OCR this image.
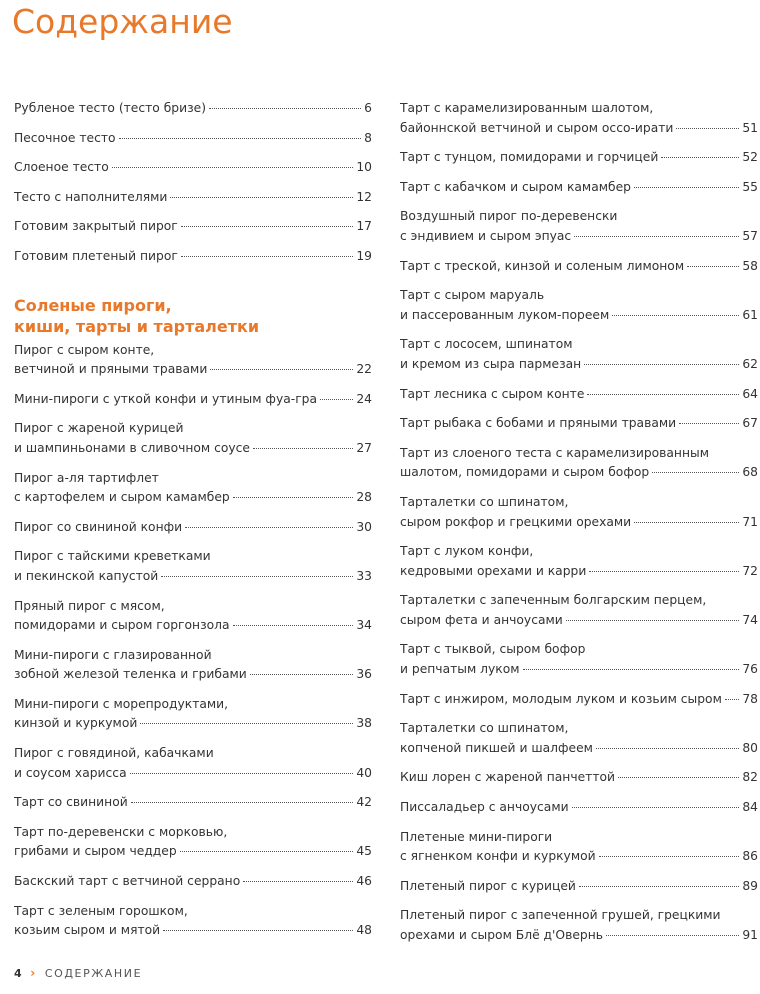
Содержание
Рубленое тесто (тесто бризе)	6
Песочное тесто	8
Слоеное тесто	10
Тесто с наполнителями	12
Готовим закрытый пирог	17
Готовим плетеный пирог	19
Соленые пироги,
киши, тарты и тарталетки
Пирог с сыром конте,
ветчиной и пряными травами	22
Мини-пироги с уткой конфи и утиным фуа-гра	24
Пирог с жареной курицей
и шампиньонами в сливочном соусе	27
Пирог а-ля тартифлет
с картофелем и сыром камамбер	28
Пирог со свининой конфи	30
Пирог с тайскими креветками
и пекинской капустой	33
Пряный пирог с мясом,
помидорами и сыром горгонзола	34
Мини-пироги с глазированной
зобной железой теленка и грибами	36
Мини-пироги с морепродуктами,
кинзой и куркумой	38
Пирог с говядиной, кабачками
и соусом харисса	40
Тарт со свининой	42
Тарт по-деревенски с морковью,
грибами и сыром чеддер	45
Баскский тарт с ветчиной серрано	46
Тарт с зеленым горошком,
козьим сыром и мятой	48
Тарт с карамелизированным шалотом,
байоннской ветчиной и сыром оссо-ирати	51
Тарт с тунцом, помидорами и горчицей	52
Тарт с кабачком и сыром камамбер	55
Воздушный пирог по-деревенски
с эндивием и сыром эпуас	57
Тарт с треской, кинзой и соленым лимоном	58
Тарт с сыром маруаль
и пассерованным луком-пореем	61
Тарт с лососем, шпинатом
и кремом из сыра пармезан	62
Тарт лесника с сыром конте	64
Тарт рыбака с бобами и пряными травами	67
Тарт из слоеного теста с карамелизированным
шалотом, помидорами и сыром бофор	68
Тарталетки со шпинатом,
сыром рокфор и грецкими орехами	71
Тарт с луком конфи,
кедровыми орехами и карри	72
Тарталетки с запеченным болгарским перцем,
сыром фета и анчоусами	74
Тарт с тыквой, сыром бофор
и репчатым луком	76
Тарт с инжиром, молодым луком и козьим сыром 78
Тарталетки со шпинатом,
копченой пикшей и шалфеем	80
Киш лорен с жареной панчеттой	82
Писсаладьер с анчоусами	84
Плетеные мини-пироги
с ягненком конфи и куркумой	86
Плетеный пирог с курицей	89
Плетеный пирог с запеченной грушей, грецкими
орехами и сыром Блё д'Овернь	91
4 › СОДЕРЖАНИЕ
